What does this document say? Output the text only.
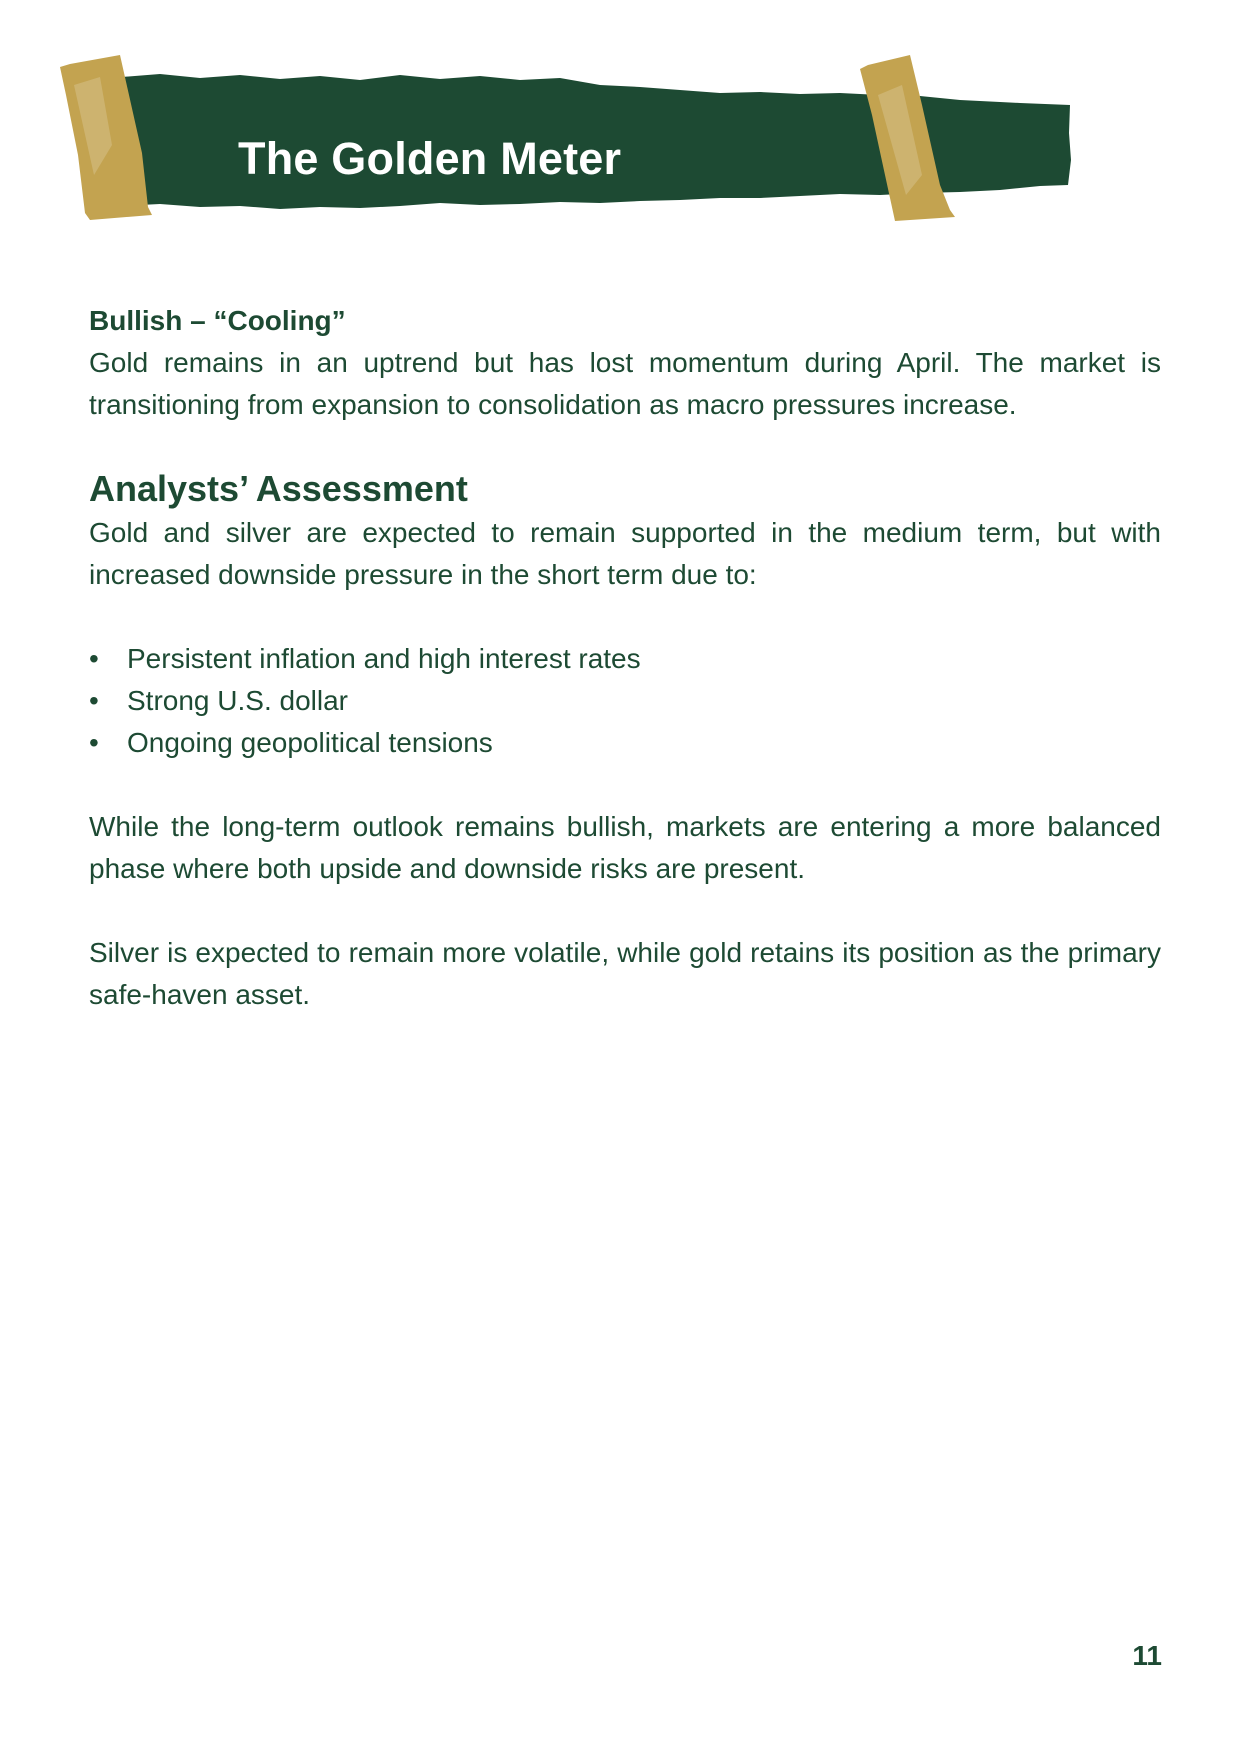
The Golden Meter

Bullish – “Cooling”

Gold remains in an uptrend but has lost momentum during April. The market is transitioning from expansion to consolidation as macro pressures increase.

Analysts’ Assessment

Gold and silver are expected to remain supported in the medium term, but with increased downside pressure in the short term due to:

• Persistent inflation and high interest rates
• Strong U.S. dollar
• Ongoing geopolitical tensions

While the long-term outlook remains bullish, markets are entering a more balanced phase where both upside and downside risks are present.

Silver is expected to remain more volatile, while gold retains its position as the primary safe-haven asset.

11
